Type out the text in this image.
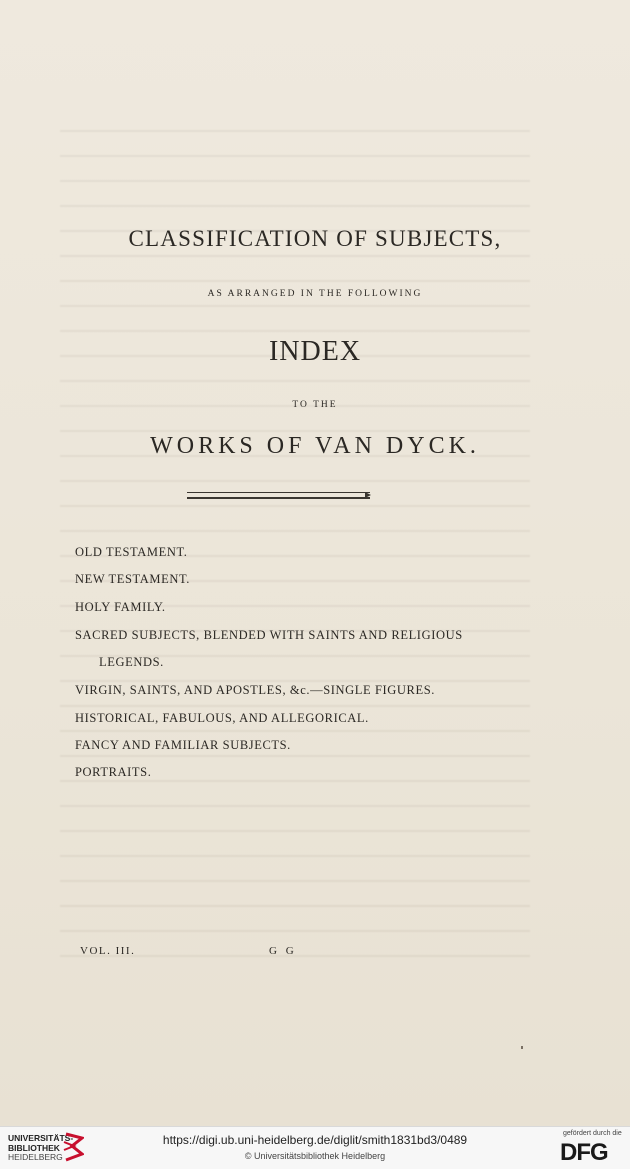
CLASSIFICATION OF SUBJECTS,
AS ARRANGED IN THE FOLLOWING
INDEX
TO THE
WORKS OF VAN DYCK.
OLD TESTAMENT.
NEW TESTAMENT.
HOLY FAMILY.
SACRED SUBJECTS, BLENDED WITH SAINTS AND RELIGIOUS
LEGENDS.
VIRGIN, SAINTS, AND APOSTLES, &c.—SINGLE FIGURES.
HISTORICAL, FABULOUS, AND ALLEGORICAL.
FANCY AND FAMILIAR SUBJECTS.
PORTRAITS.
VOL. III.	G G
UNIVERSITÄTS-
BIBLIOTHEK
HEIDELBERG
https://digi.ub.uni-heidelberg.de/diglit/smith1831bd3/0489
© Universitätsbibliothek Heidelberg
gefördert durch die
DFG
